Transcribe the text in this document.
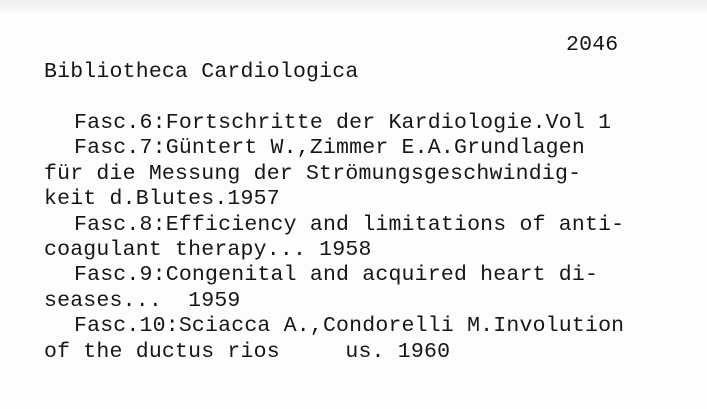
2046
Bibliotheca Cardiologica
Fasc.6:Fortschritte der Kardiologie.Vol 1
Fasc.7:Güntert W.,Zimmer E.A.Grundlagen
für die Messung der Strömungsgeschwindig-
keit d.Blutes.1957
Fasc.8:Efficiency and limitations of anti-
coagulant therapy... 1958
Fasc.9:Congenital and acquired heart di-
seases...  1959
Fasc.10:Sciacca A.,Condorelli M.Involution
of the ductus rios     us. 1960
